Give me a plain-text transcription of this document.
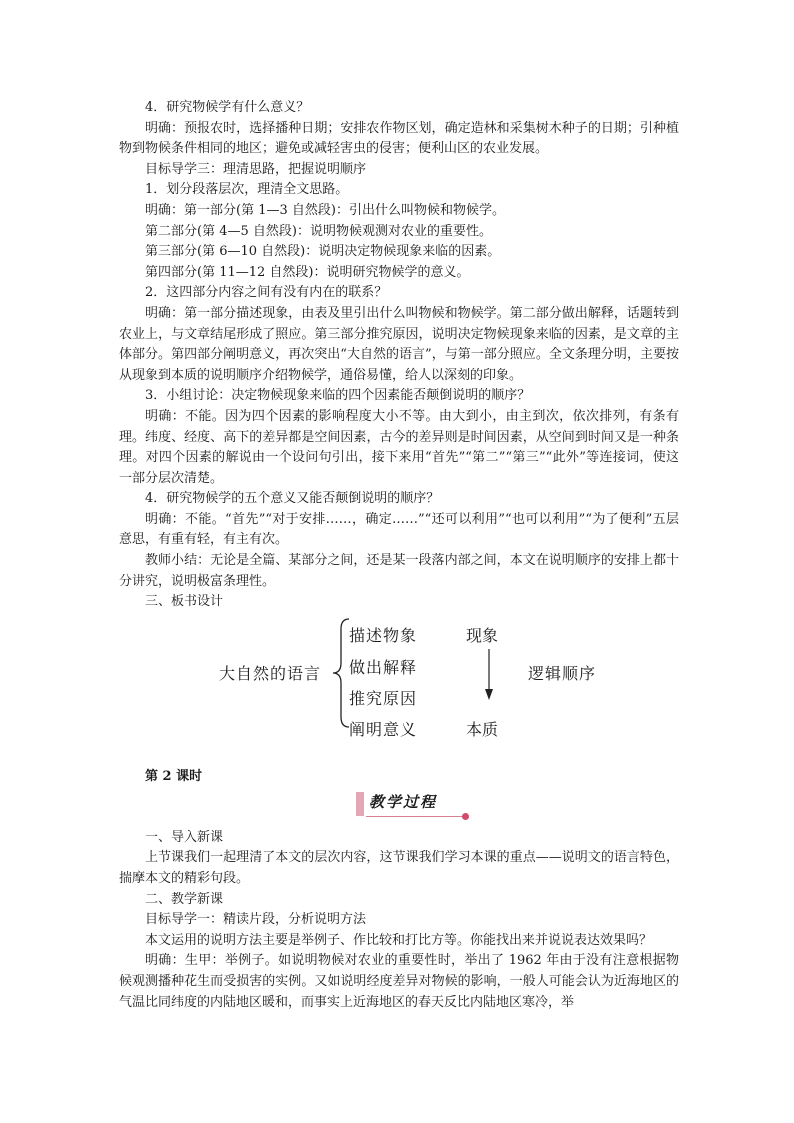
4．研究物候学有什么意义？

明确：预报农时，选择播种日期；安排农作物区划，确定造林和采集树木种子的日期；引种植物到物候条件相同的地区；避免或减轻害虫的侵害；便利山区的农业发展。

目标导学三：理清思路，把握说明顺序

1．划分段落层次，理清全文思路。

明确：第一部分(第 1—3 自然段)：引出什么叫物候和物候学。

第二部分(第 4—5 自然段)：说明物候观测对农业的重要性。

第三部分(第 6—10 自然段)：说明决定物候现象来临的因素。

第四部分(第 11—12 自然段)：说明研究物候学的意义。

2．这四部分内容之间有没有内在的联系？

明确：第一部分描述现象，由表及里引出什么叫物候和物候学。第二部分做出解释，话题转到农业上，与文章结尾形成了照应。第三部分推究原因，说明决定物候现象来临的因素，是文章的主体部分。第四部分阐明意义，再次突出“大自然的语言”，与第一部分照应。全文条理分明，主要按从现象到本质的说明顺序介绍物候学，通俗易懂，给人以深刻的印象。

3．小组讨论：决定物候现象来临的四个因素能否颠倒说明的顺序？

明确：不能。因为四个因素的影响程度大小不等。由大到小，由主到次，依次排列，有条有理。纬度、经度、高下的差异都是空间因素，古今的差异则是时间因素，从空间到时间又是一种条理。对四个因素的解说由一个设问句引出，接下来用“首先”“第二”“第三”“此外”等连接词，使这一部分层次清楚。

4．研究物候学的五个意义又能否颠倒说明的顺序？

明确：不能。“首先”“对于安排……，确定……”“还可以利用”“也可以利用”“为了便利”五层意思，有重有轻，有主有次。

教师小结：无论是全篇、某部分之间，还是某一段落内部之间，本文在说明顺序的安排上都十分讲究，说明极富条理性。

三、板书设计

大自然的语言
描述物象
做出解释
推究原因
阐明意义
现象
本质
逻辑顺序
第 2 课时
教学过程

一、导入新课

上节课我们一起理清了本文的层次内容，这节课我们学习本课的重点——说明文的语言特色，揣摩本文的精彩句段。

二、教学新课

目标导学一：精读片段，分析说明方法

本文运用的说明方法主要是举例子、作比较和打比方等。你能找出来并说说表达效果吗？

明确：生甲：举例子。如说明物候对农业的重要性时，举出了 1962 年由于没有注意根据物候观测播种花生而受损害的实例。又如说明经度差异对物候的影响，一般人可能会认为近海地区的气温比同纬度的内陆地区暖和，而事实上近海地区的春天反比内陆地区寒冷，举
